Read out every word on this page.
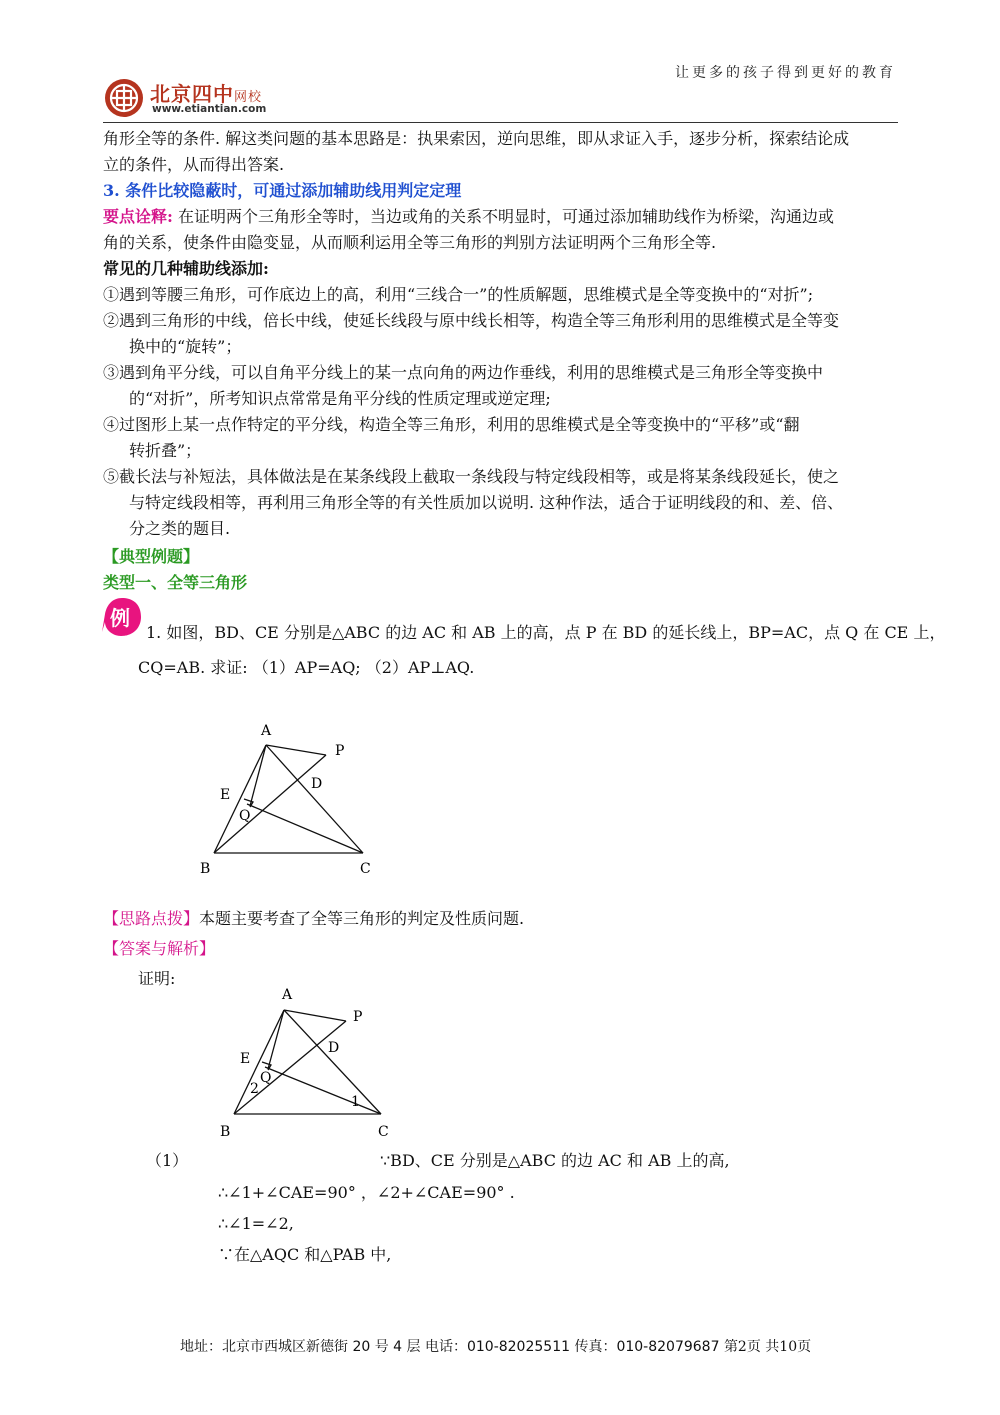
让更多的孩子得到更好的教育
北京四中网校
www.etiantian.com
角形全等的条件. 解这类问题的基本思路是：执果索因，逆向思维，即从求证入手，逐步分析，探索结论成
立的条件，从而得出答案.
3. 条件比较隐蔽时，可通过添加辅助线用判定定理
要点诠释: 在证明两个三角形全等时，当边或角的关系不明显时，可通过添加辅助线作为桥梁，沟通边或
角的关系，使条件由隐变显，从而顺利运用全等三角形的判别方法证明两个三角形全等.
常见的几种辅助线添加:
①遇到等腰三角形，可作底边上的高，利用“三线合一”的性质解题，思维模式是全等变换中的“对折”;
②遇到三角形的中线，倍长中线，使延长线段与原中线长相等，构造全等三角形利用的思维模式是全等变
换中的“旋转”；
③遇到角平分线，可以自角平分线上的某一点向角的两边作垂线，利用的思维模式是三角形全等变换中
的“对折”，所考知识点常常是角平分线的性质定理或逆定理;
④过图形上某一点作特定的平分线，构造全等三角形，利用的思维模式是全等变换中的“平移”或“翻
转折叠”；
⑤截长法与补短法，具体做法是在某条线段上截取一条线段与特定线段相等，或是将某条线段延长，使之
与特定线段相等，再利用三角形全等的有关性质加以说明. 这种作法，适合于证明线段的和、差、倍、
分之类的题目.
【典型例题】
类型一、全等三角形
例
1. 如图，BD、CE 分别是△ABC 的边 AC 和 AB 上的高，点 P 在 BD 的延长线上，BP=AC，点 Q 在 CE 上，
CQ=AB. 求证: （1）AP=AQ; （2）AP⊥AQ.
A
P
D
E
Q
B	C
【思路点拨】本题主要考查了全等三角形的判定及性质问题.
【答案与解析】
证明:
A
P
D
E
Q
2
1
B	C
（1）	∵BD、CE 分别是△ABC 的边 AC 和 AB 上的高,
∴∠1+∠CAE=90° ，∠2+∠CAE=90° .
∴∠1=∠2,
∵在△AQC 和△PAB 中,
地址：北京市西城区新德街 20 号 4 层 电话：010-82025511 传真：010-82079687 第2页 共10页
